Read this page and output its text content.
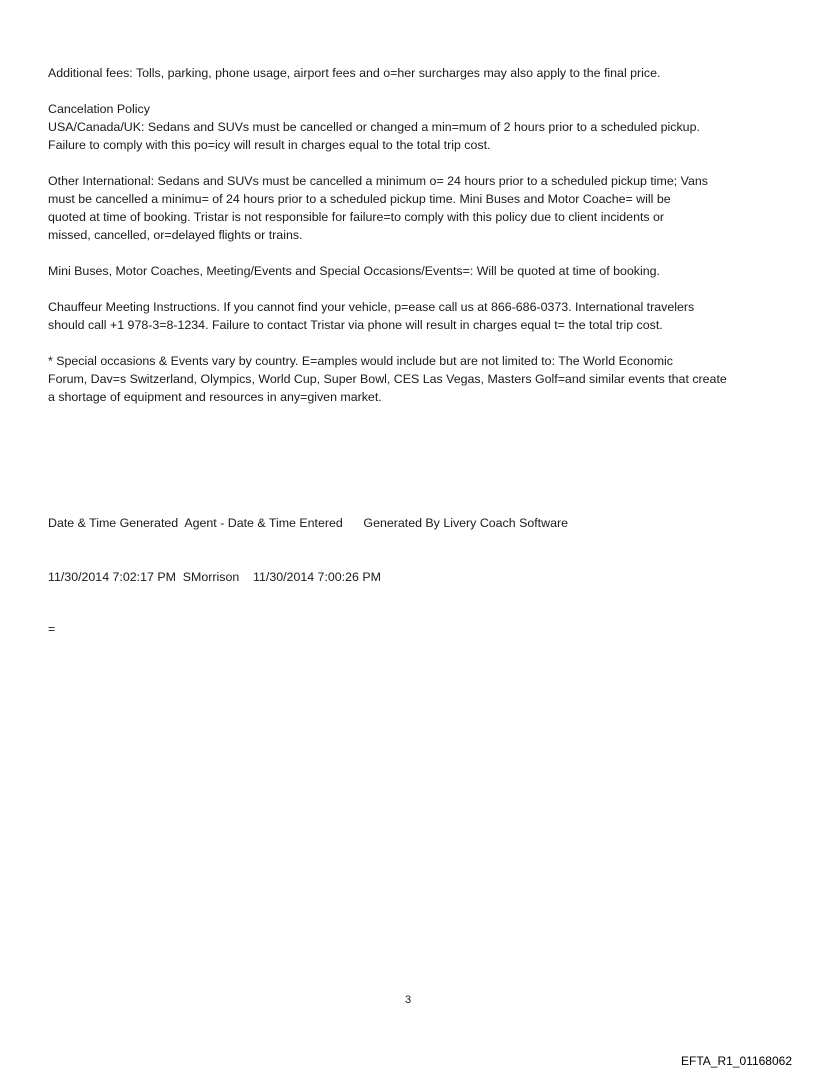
Additional fees: Tolls, parking, phone usage, airport fees and o=her surcharges may also apply to the final price.

Cancelation Policy
USA/Canada/UK: Sedans and SUVs must be cancelled or changed a min=mum of 2 hours prior to a scheduled pickup.
Failure to comply with this po=icy will result in charges equal to the total trip cost.

Other International: Sedans and SUVs must be cancelled a minimum o= 24 hours prior to a scheduled pickup time; Vans
must be cancelled a minimu= of 24 hours prior to a scheduled pickup time. Mini Buses and Motor Coache= will be
quoted at time of booking. Tristar is not responsible for failure=to comply with this policy due to client incidents or
missed, cancelled, or=delayed flights or trains.

Mini Buses, Motor Coaches, Meeting/Events and Special Occasions/Events=: Will be quoted at time of booking.

Chauffeur Meeting Instructions. If you cannot find your vehicle, p=ease call us at 866-686-0373. International travelers
should call +1 978-3=8-1234. Failure to contact Tristar via phone will result in charges equal t= the total trip cost.

* Special occasions & Events vary by country. E=amples would include but are not limited to: The World Economic
Forum, Dav=s Switzerland, Olympics, World Cup, Super Bowl, CES Las Vegas, Masters Golf=and similar events that create
a shortage of equipment and resources in any=given market.

Date & Time Generated  Agent - Date & Time Entered      Generated By Livery Coach Software

11/30/2014 7:02:17 PM  SMorrison    11/30/2014 7:00:26 PM

=
3
EFTA_R1_01168062
